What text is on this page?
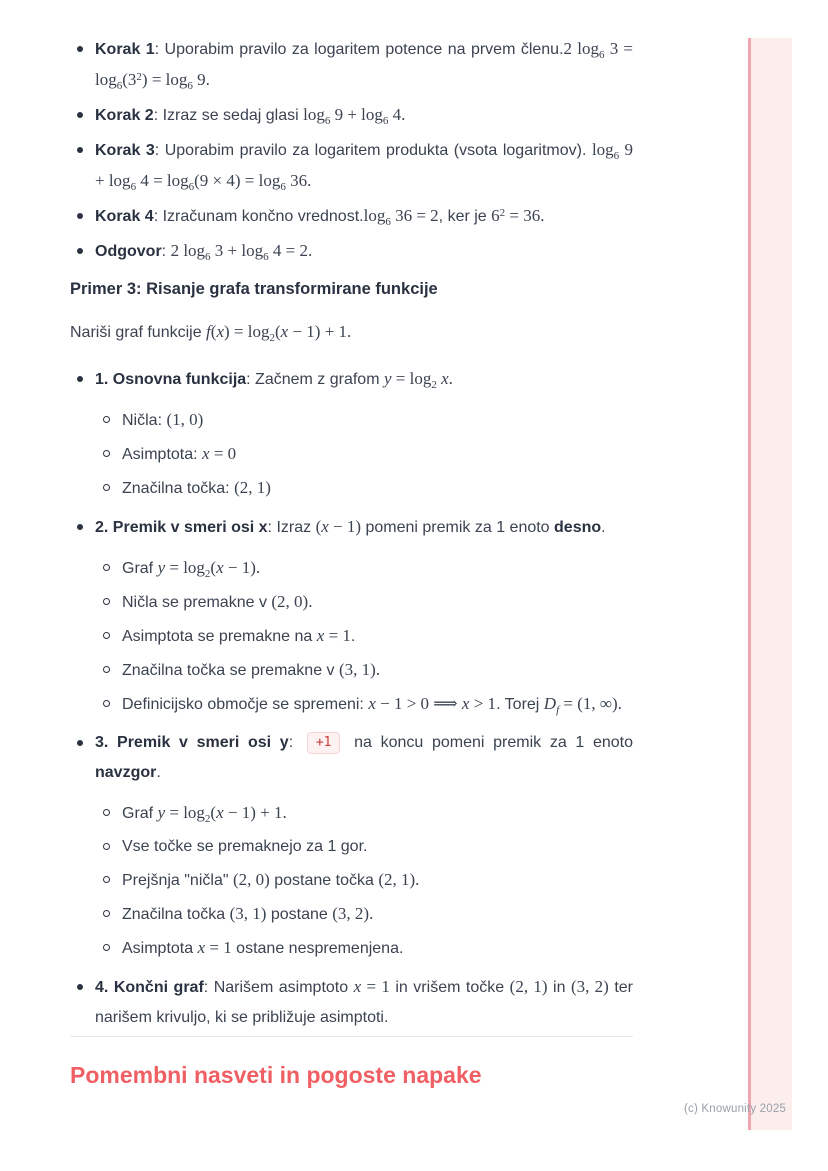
Korak 1: Uporabim pravilo za logaritem potence na prvem členu.2 $\log_6 3 = \log_6(3^2) = \log_6 9$.
Korak 2: Izraz se sedaj glasi $\log_6 9 + \log_6 4$.
Korak 3: Uporabim pravilo za logaritem produkta (vsota logaritmov). $\log_6 9 + \log_6 4 = \log_6(9 \times 4) = \log_6 36$.
Korak 4: Izračunam končno $vrednost.\log_6$ 36 = 2, ker je $6^2 = 36$.
Odgovor: 2 $\log_6 3 + \log_6 4 = 2$.
Primer 3: Risanje grafa transformirane funkcije

Nariši graf funkcije $f(x) = \log_2(x - 1) + 1$.

1. Osnovna funkcija: Začnem z grafom $y = \log_2 x$.
Ničla: (1, 0)
Asimptota: x = 0
Značilna točka: (2, 1)
2. Premik v smeri osi x: Izraz (x − 1) pomeni premik za 1 enoto desno.
Graf $y = \log_2(x - 1)$.
Ničla se premakne v (2, 0).
Asimptota se premakne na x = 1.
Značilna točka se premakne v (3, 1).
Definicijsko območje se spremeni: x − 1 > 0 ⟹ x > 1. Torej $D_f = (1$, ∞).
3. Premik v smeri osi y: +1 na koncu pomeni premik za 1 enoto navzgor.
Graf $y = \log_2(x - 1) + 1$.
Vse točke se premaknejo za 1 gor.
Prejšnja "ničla" (2, 0) postane točka (2, 1).
Značilna točka (3, 1) postane (3, 2).
Asimptota x = 1 ostane nespremenjena.
4. Končni graf: Narišem asimptoto x = 1 in vrišem točke (2, 1) in (3, 2) ter narišem krivuljo, ki se približuje asimptoti.
Pomembni nasveti in pogoste napake
(c) Knowunity 2025
